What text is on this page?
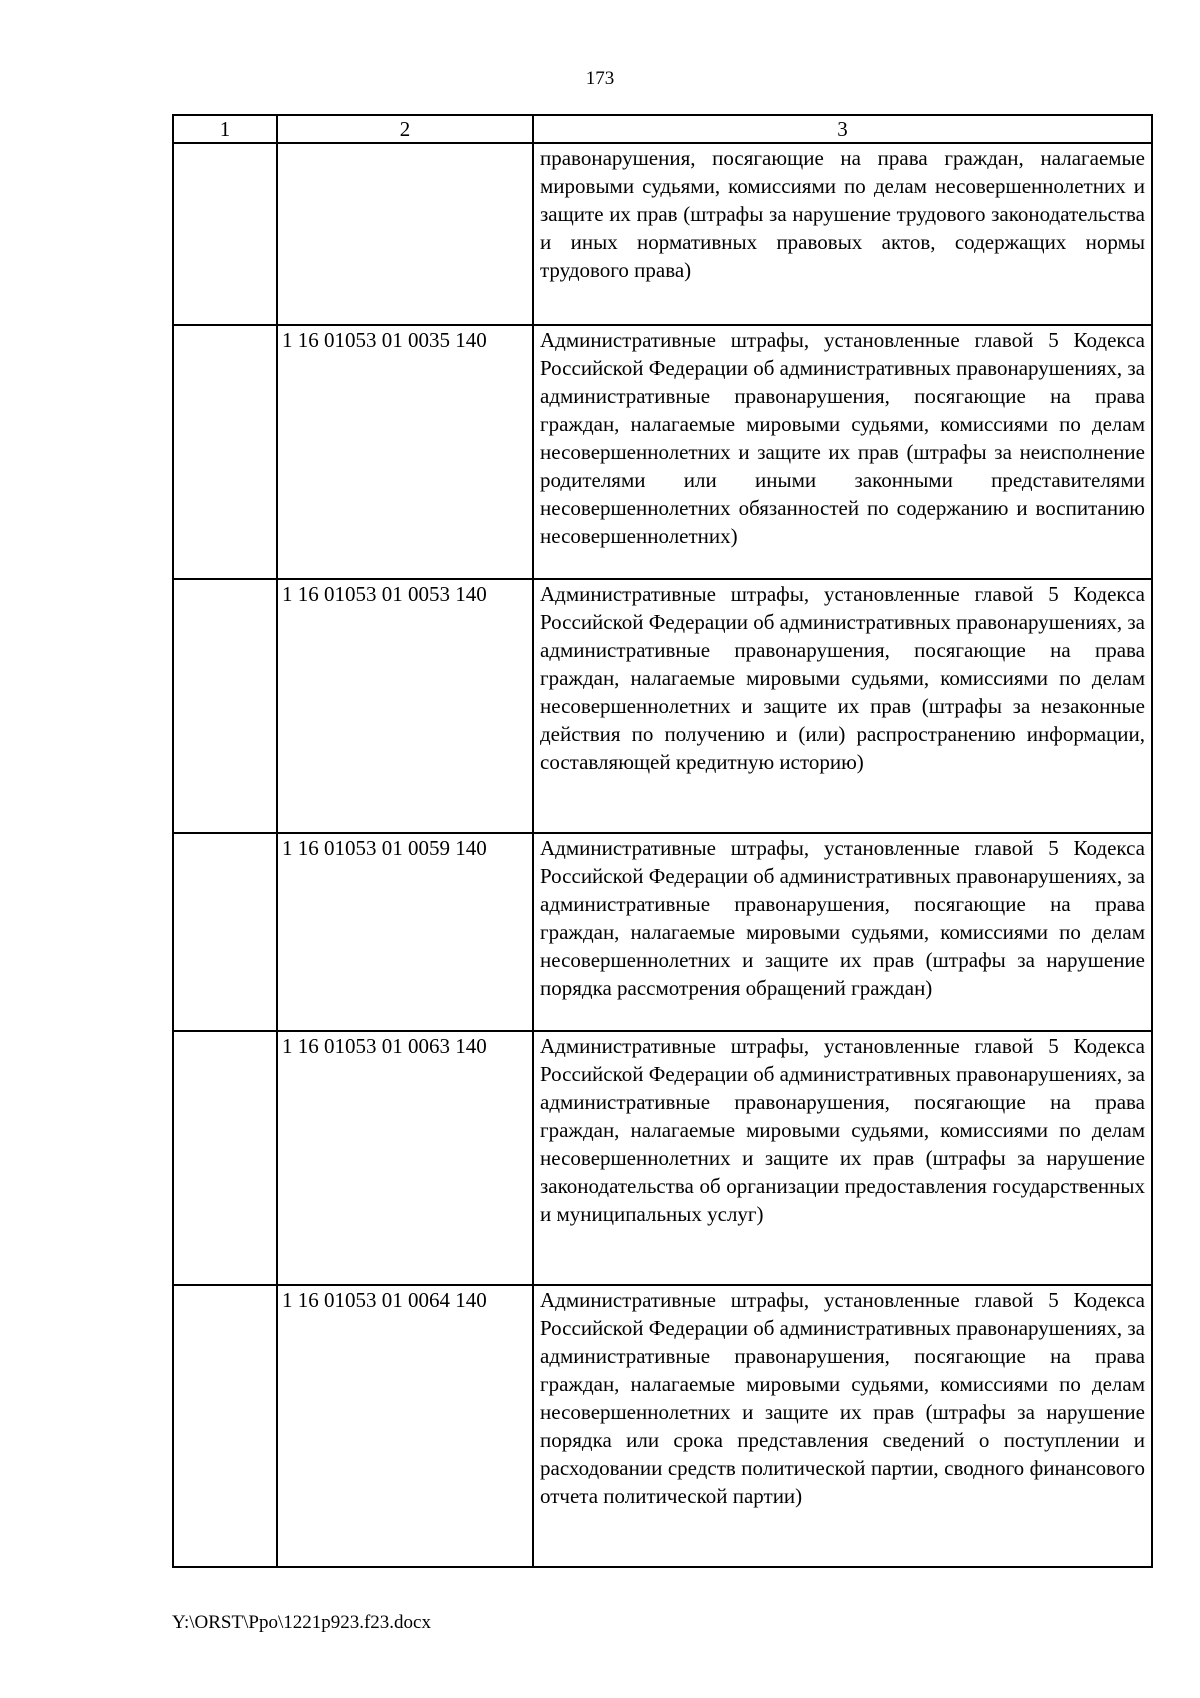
173
1	2	3
		правонарушения, посягающие на права граждан, налагаемые мировыми судьями, комиссиями по делам несовершеннолетних и защите их прав (штрафы за нарушение трудового законодательства и иных нормативных правовых актов, содержащих нормы трудового права)
	1 16 01053 01 0035 140	Административные штрафы, установленные главой 5 Кодекса Российской Федерации об административных правонарушениях, за административные правонарушения, посягающие на права граждан, налагаемые мировыми судьями, комиссиями по делам несовершеннолетних и защите их прав (штрафы за неисполнение родителями или иными законными представителями несовершеннолетних обязанностей по содержанию и воспитанию несовершеннолетних)
	1 16 01053 01 0053 140	Административные штрафы, установленные главой 5 Кодекса Российской Федерации об административных правонарушениях, за административные правонарушения, посягающие на права граждан, налагаемые мировыми судьями, комиссиями по делам несовершеннолетних и защите их прав (штрафы за незаконные действия по получению и (или) распространению информации, составляющей кредитную историю)
	1 16 01053 01 0059 140	Административные штрафы, установленные главой 5 Кодекса Российской Федерации об административных правонарушениях, за административные правонарушения, посягающие на права граждан, налагаемые мировыми судьями, комиссиями по делам несовершеннолетних и защите их прав (штрафы за нарушение порядка рассмотрения обращений граждан)
	1 16 01053 01 0063 140	Административные штрафы, установленные главой 5 Кодекса Российской Федерации об административных правонарушениях, за административные правонарушения, посягающие на права граждан, налагаемые мировыми судьями, комиссиями по делам несовершеннолетних и защите их прав (штрафы за нарушение законодательства об организации предоставления государственных и муниципальных услуг)
	1 16 01053 01 0064 140	Административные штрафы, установленные главой 5 Кодекса Российской Федерации об административных правонарушениях, за административные правонарушения, посягающие на права граждан, налагаемые мировыми судьями, комиссиями по делам несовершеннолетних и защите их прав (штрафы за нарушение порядка или срока представления сведений о поступлении и расходовании средств политической партии, сводного финансового отчета политической партии)
Y:\ORST\Ppo\1221p923.f23.docx
